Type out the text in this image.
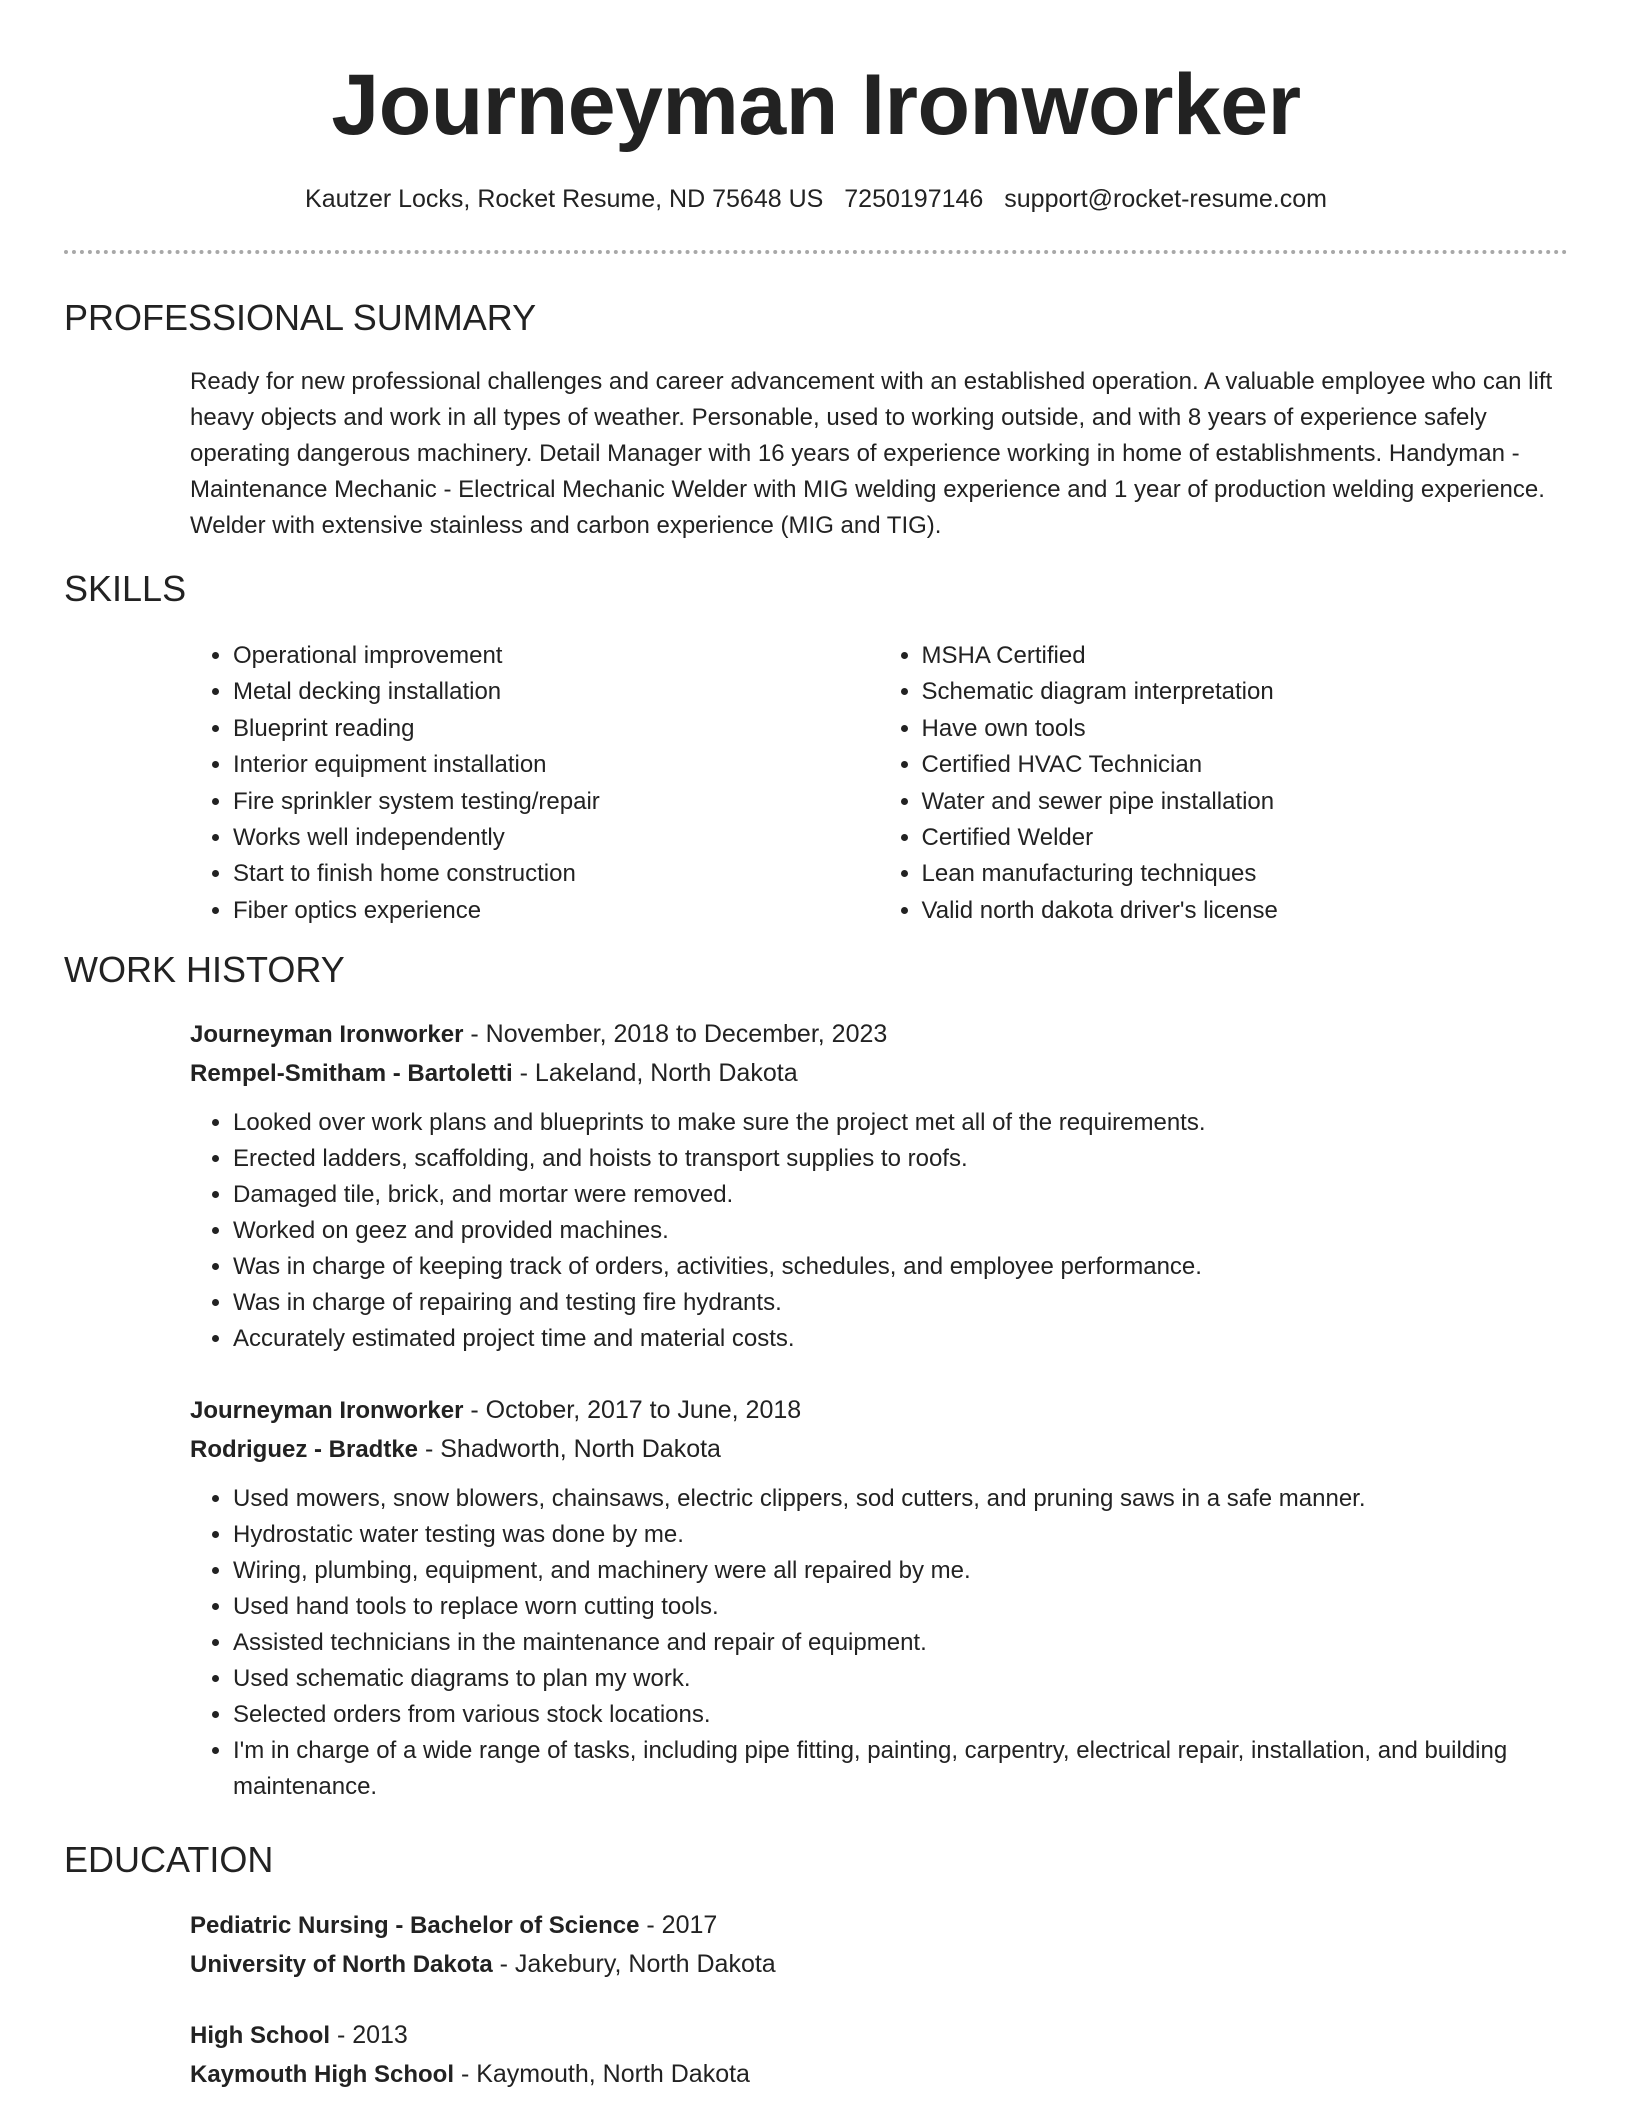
Journeyman Ironworker
Kautzer Locks, Rocket Resume, ND 75648 US 7250197146 support@rocket-resume.com
PROFESSIONAL SUMMARY
Ready for new professional challenges and career advancement with an established operation. A valuable employee who can lift heavy objects and work in all types of weather. Personable, used to working outside, and with 8 years of experience safely operating dangerous machinery. Detail Manager with 16 years of experience working in home of establishments. Handyman - Maintenance Mechanic - Electrical Mechanic Welder with MIG welding experience and 1 year of production welding experience. Welder with extensive stainless and carbon experience (MIG and TIG).
SKILLS
• Operational improvement
• Metal decking installation
• Blueprint reading
• Interior equipment installation
• Fire sprinkler system testing/repair
• Works well independently
• Start to finish home construction
• Fiber optics experience
• MSHA Certified
• Schematic diagram interpretation
• Have own tools
• Certified HVAC Technician
• Water and sewer pipe installation
• Certified Welder
• Lean manufacturing techniques
• Valid north dakota driver's license
WORK HISTORY
Journeyman Ironworker - November, 2018 to December, 2023
Rempel-Smitham - Bartoletti - Lakeland, North Dakota
• Looked over work plans and blueprints to make sure the project met all of the requirements.
• Erected ladders, scaffolding, and hoists to transport supplies to roofs.
• Damaged tile, brick, and mortar were removed.
• Worked on geez and provided machines.
• Was in charge of keeping track of orders, activities, schedules, and employee performance.
• Was in charge of repairing and testing fire hydrants.
• Accurately estimated project time and material costs.
Journeyman Ironworker - October, 2017 to June, 2018
Rodriguez - Bradtke - Shadworth, North Dakota
• Used mowers, snow blowers, chainsaws, electric clippers, sod cutters, and pruning saws in a safe manner.
• Hydrostatic water testing was done by me.
• Wiring, plumbing, equipment, and machinery were all repaired by me.
• Used hand tools to replace worn cutting tools.
• Assisted technicians in the maintenance and repair of equipment.
• Used schematic diagrams to plan my work.
• Selected orders from various stock locations.
• I'm in charge of a wide range of tasks, including pipe fitting, painting, carpentry, electrical repair, installation, and building maintenance.
EDUCATION
Pediatric Nursing - Bachelor of Science - 2017
University of North Dakota - Jakebury, North Dakota
High School - 2013
Kaymouth High School - Kaymouth, North Dakota
